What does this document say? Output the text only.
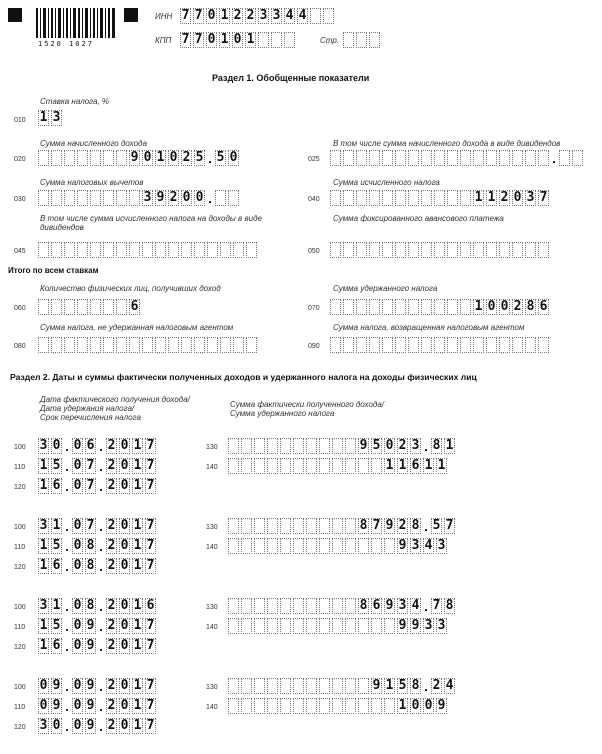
1520 1027
ИНН 7 7 0 1 2 2 3 3 4 4
КПП 7 7 0 1 0 1	Стр.
Раздел 1. Обобщенные показатели
Ставка налога, %
010 1 3
Сумма начисленного дохода
020	9 0 1 0 2 5 . 5 0
В том числе сумма начисленного дохода в виде дивидендов
025	.
Сумма налоговых вычетов
030	3 9 2 0 0 .
Сумма исчисленного налога
040	1 1 2 0 3 7
В том числе сумма исчисленного налога на доходы в виде дивидендов
045
Сумма фиксированного авансового платежа
050
Итого по всем ставкам
Количество физических лиц, получивших доход
060	6
Сумма удержанного налога
070	1 0 0 2 8 6
Сумма налога, не удержанная налоговым агентом
080
Сумма налога, возвращенная налоговым агентом
090
Раздел 2. Даты и суммы фактически полученных доходов и удержанного налога на доходы физических лиц
Дата фактического получения дохода/
Дата удержания налога/
Срок перечисления налога
Сумма фактически полученного дохода/
Сумма удержанного налога
100 3 0 . 0 6 . 2 0 1 7	130	9 5 0 2 3 . 8 1
110 1 5 . 0 7 . 2 0 1 7	140	1 1 6 1 1
120 1 6 . 0 7 . 2 0 1 7
100 3 1 . 0 7 . 2 0 1 7	130	8 7 9 2 8 . 5 7
110 1 5 . 0 8 . 2 0 1 7	140	9 3 4 3
120 1 6 . 0 8 . 2 0 1 7
100 3 1 . 0 8 . 2 0 1 6	130	8 6 9 3 4 . 7 8
110 1 5 . 0 9 . 2 0 1 7	140	9 9 3 3
120 1 6 . 0 9 . 2 0 1 7
100 0 9 . 0 9 . 2 0 1 7	130	9 1 5 8 . 2 4
110 0 9 . 0 9 . 2 0 1 7	140	1 0 0 9
120 3 0 . 0 9 . 2 0 1 7
